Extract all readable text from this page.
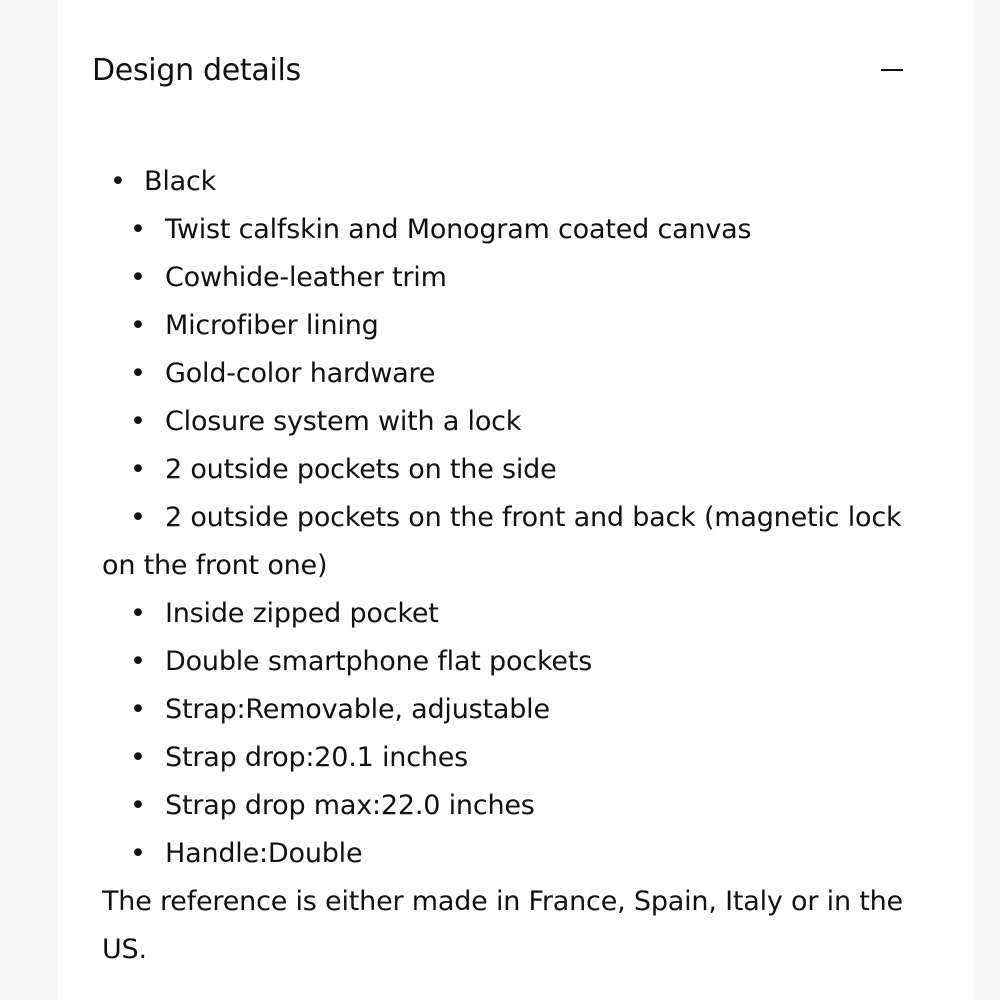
Design details
• Black
• Twist calfskin and Monogram coated canvas
• Cowhide-leather trim
• Microfiber lining
• Gold-color hardware
• Closure system with a lock
• 2 outside pockets on the side
• 2 outside pockets on the front and back (magnetic lock on the front one)
• Inside zipped pocket
• Double smartphone flat pockets
• Strap:Removable, adjustable
• Strap drop:20.1 inches
• Strap drop max:22.0 inches
• Handle:Double

The reference is either made in France, Spain, Italy or in the US.
